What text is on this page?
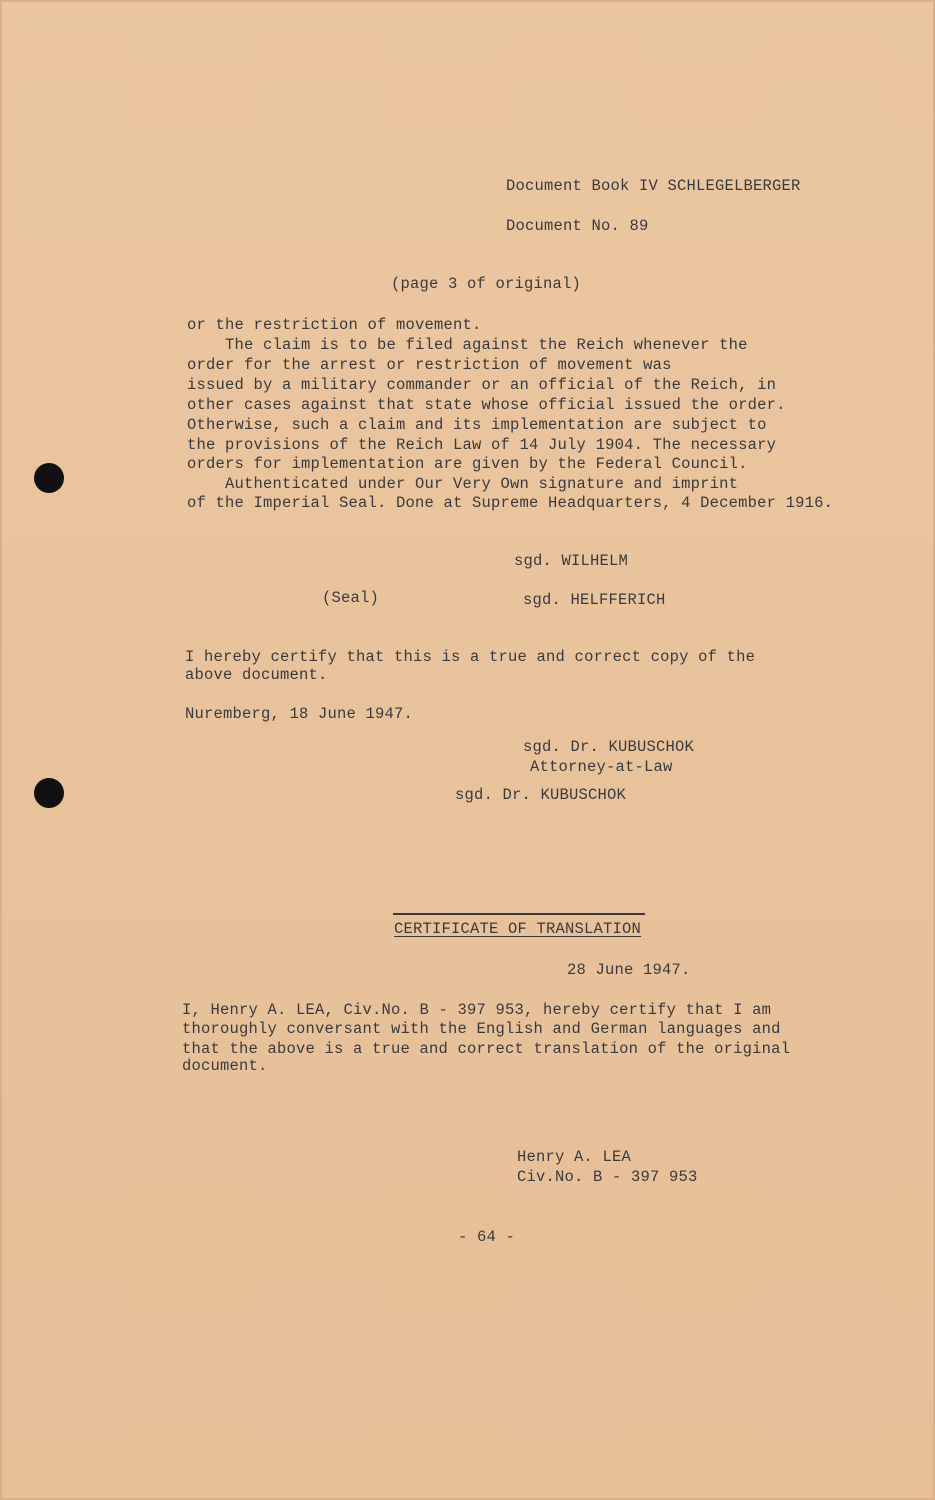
Document Book IV SCHLEGELBERGER
Document No. 89
(page 3 of original)
or the restriction of movement.
The claim is to be filed against the Reich whenever the
order for the arrest or restriction of movement was
issued by a military commander or an official of the Reich, in
other cases against that state whose official issued the order.
Otherwise, such a claim and its implementation are subject to
the provisions of the Reich Law of 14 July 1904. The necessary
orders for implementation are given by the Federal Council.
Authenticated under Our Very Own signature and imprint
of the Imperial Seal. Done at Supreme Headquarters, 4 December 1916.
sgd. WILHELM
(Seal)	sgd. HELFFERICH
I hereby certify that this is a true and correct copy of the
above document.
Nuremberg, 18 June 1947.
sgd. Dr. KUBUSCHOK
Attorney-at-Law
sgd. Dr. KUBUSCHOK
CERTIFICATE OF TRANSLATION
28 June 1947.
I, Henry A. LEA, Civ.No. B - 397 953, hereby certify that I am
thoroughly conversant with the English and German languages and
that the above is a true and correct translation of the original
document.
Henry A. LEA
Civ.No. B - 397 953
- 64 -
